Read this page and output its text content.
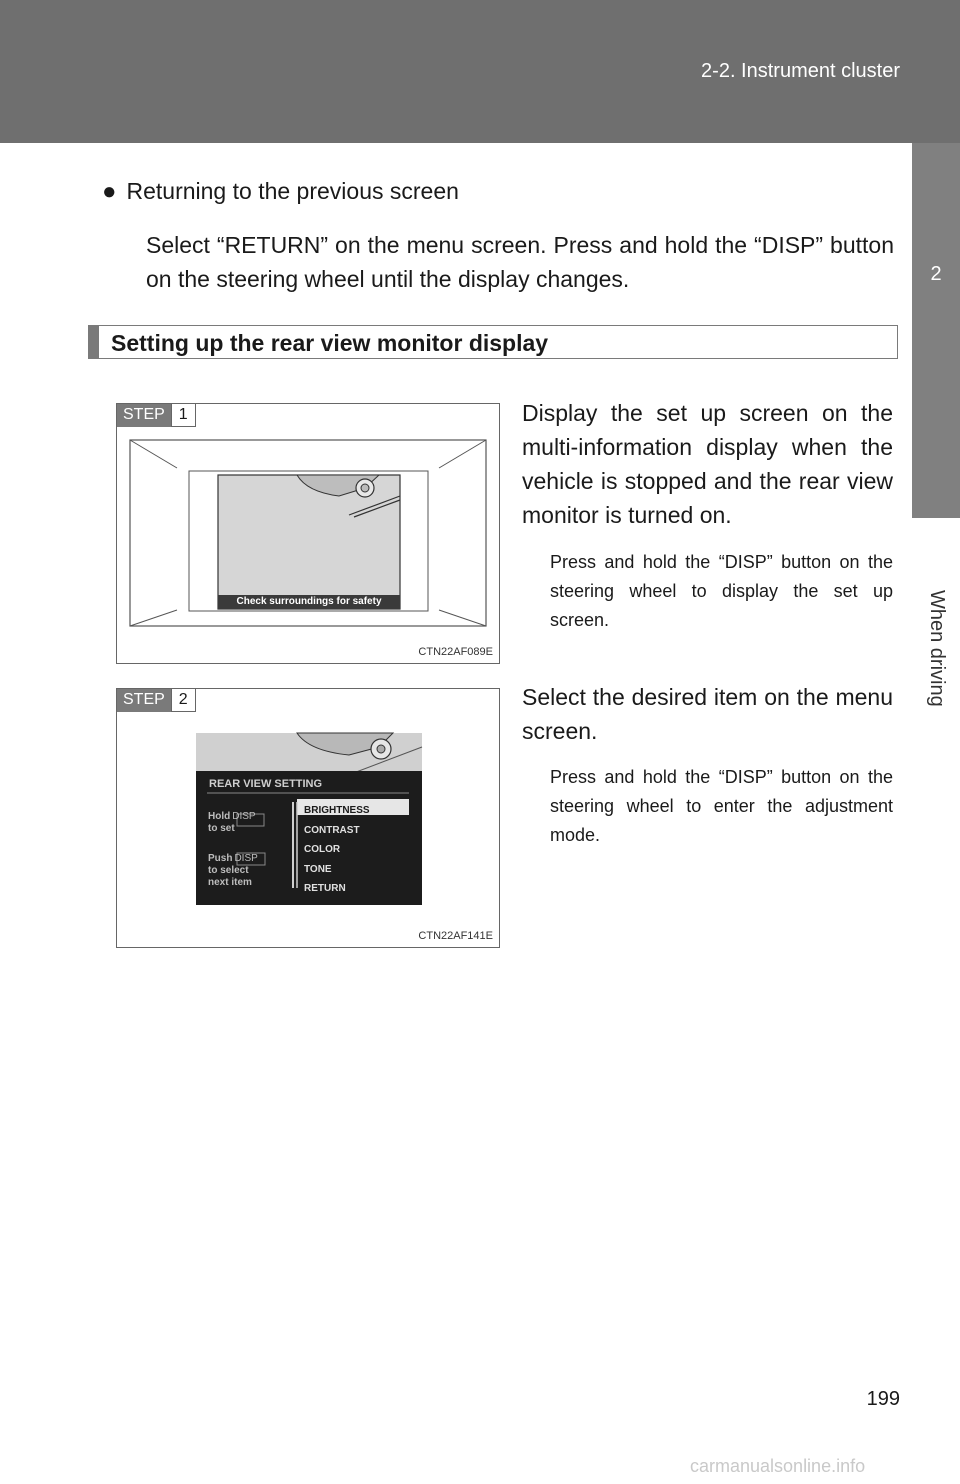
2-2. Instrument cluster
2
When driving
● Returning to the previous screen
Select “RETURN” on the menu screen. Press and hold the “DISP” button on the steering wheel until the display changes.
Setting up the rear view monitor display
STEP 1
Check surroundings for safety
CTN22AF089E
Display the set up screen on the multi-information display when the vehicle is stopped and the rear view monitor is turned on.
Press and hold the “DISP” button on the steering wheel to display the set up screen.
STEP 2
REAR VIEW SETTING
Hold DISP
to set
Push DISP
to select
next item
BRIGHTNESS
CONTRAST
COLOR
TONE
RETURN
CTN22AF141E
Select the desired item on the menu screen.
Press and hold the “DISP” button on the steering wheel to enter the adjustment mode.
199
carmanualsonline.info
